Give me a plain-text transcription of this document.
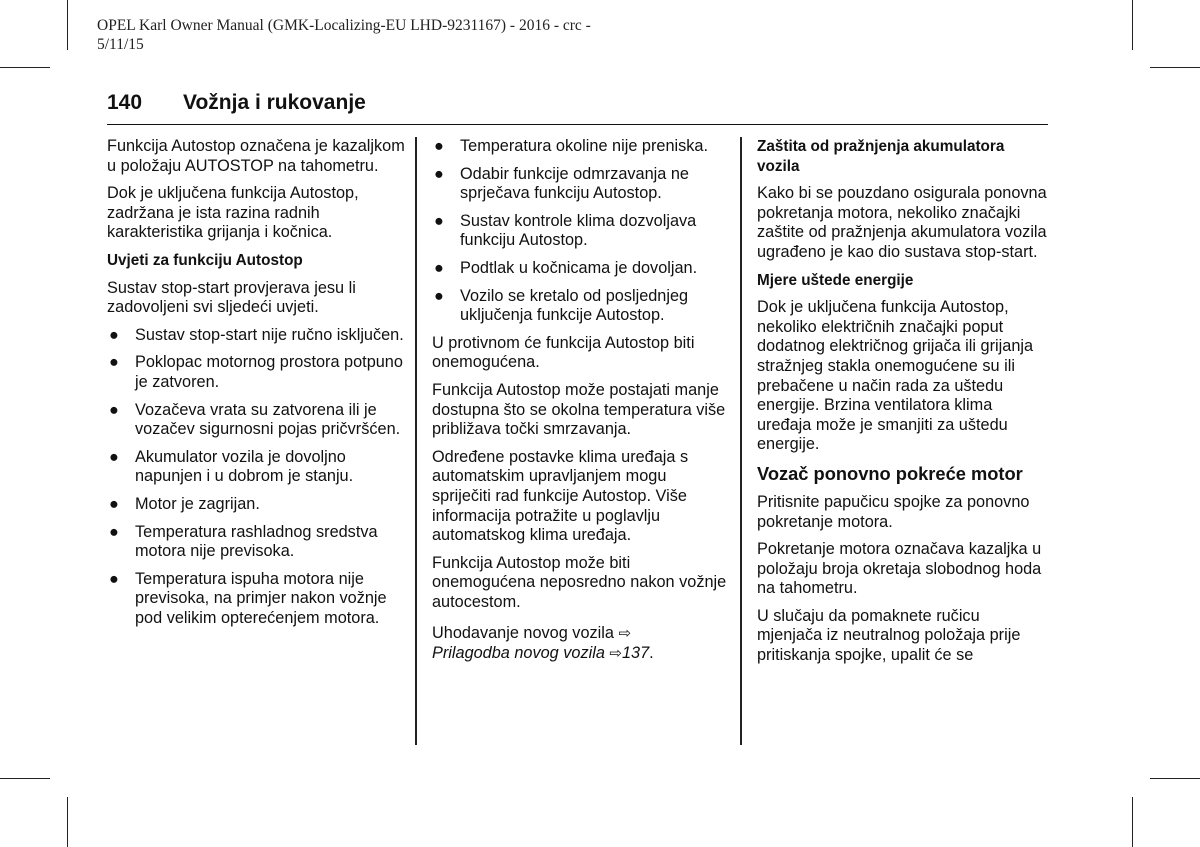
OPEL Karl Owner Manual (GMK-Localizing-EU LHD-9231167) - 2016 - crc -
5/11/15
140 Vožnja i rukovanje

Funkcija Autostop označena je kazaljkom u položaju AUTOSTOP na tahometru.

Dok je uključena funkcija Autostop, zadržana je ista razina radnih karakteristika grijanja i kočnica.

Uvjeti za funkciju Autostop

Sustav stop-start provjerava jesu li zadovoljeni svi sljedeći uvjeti.

● Sustav stop-start nije ručno isključen.
● Poklopac motornog prostora potpuno je zatvoren.
● Vozačeva vrata su zatvorena ili je vozačev sigurnosni pojas pričvršćen.
● Akumulator vozila je dovoljno napunjen i u dobrom je stanju.
● Motor je zagrijan.
● Temperatura rashladnog sredstva motora nije previsoka.
● Temperatura ispuha motora nije previsoka, na primjer nakon vožnje pod velikim opterećenjem motora.
● Temperatura okoline nije preniska.
● Odabir funkcije odmrzavanja ne sprječava funkciju Autostop.
● Sustav kontrole klima dozvoljava funkciju Autostop.
● Podtlak u kočnicama je dovoljan.
● Vozilo se kretalo od posljednjeg uključenja funkcije Autostop.

U protivnom će funkcija Autostop biti onemogućena.

Funkcija Autostop može postajati manje dostupna što se okolna temperatura više približava točki smrzavanja.

Određene postavke klima uređaja s automatskim upravljanjem mogu spriječiti rad funkcije Autostop. Više informacija potražite u poglavlju automatskog klima uređaja.

Funkcija Autostop može biti onemogućena neposredno nakon vožnje autocestom.

Uhodavanje novog vozila ⇨
Prilagodba novog vozila ⇨137.

Zaštita od pražnjenja akumulatora vozila

Kako bi se pouzdano osigurala ponovna pokretanja motora, nekoliko značajki zaštite od pražnjenja akumulatora vozila ugrađeno je kao dio sustava stop-start.

Mjere uštede energije

Dok je uključena funkcija Autostop, nekoliko električnih značajki poput dodatnog električnog grijača ili grijanja stražnjeg stakla onemogućene su ili prebačene u način rada za uštedu energije. Brzina ventilatora klima uređaja može je smanjiti za uštedu energije.

Vozač ponovno pokreće motor

Pritisnite papučicu spojke za ponovno pokretanje motora.

Pokretanje motora označava kazaljka u položaju broja okretaja slobodnog hoda na tahometru.

U slučaju da pomaknete ručicu mjenjača iz neutralnog položaja prije pritiskanja spojke, upalit će se
